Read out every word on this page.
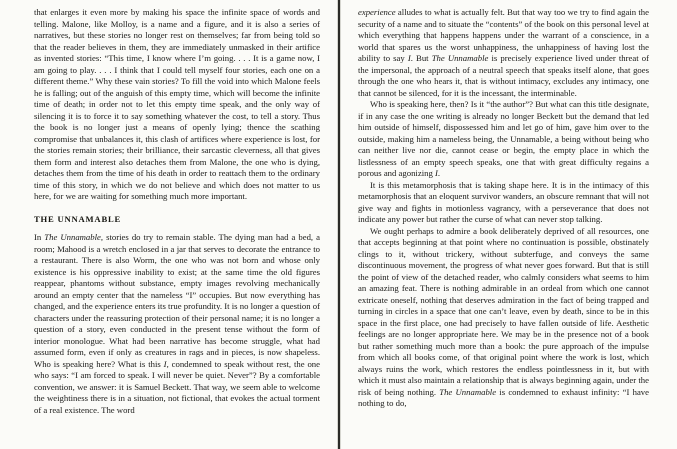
that enlarges it even more by making his space the infinite space of words and telling. Malone, like Molloy, is a name and a figure, and it is also a series of narratives, but these stories no longer rest on themselves; far from being told so that the reader believes in them, they are immediately unmasked in their artifice as invented stories: “This time, I know where I’m going. . . . It is a game now, I am going to play. . . . I think that I could tell myself four stories, each one on a different theme.” Why these vain stories? To fill the void into which Malone feels he is falling; out of the anguish of this empty time, which will become the infinite time of death; in order not to let this empty time speak, and the only way of silencing it is to force it to say something whatever the cost, to tell a story. Thus the book is no longer just a means of openly lying; thence the scathing compromise that unbalances it, this clash of artifices where experience is lost, for the stories remain stories; their brilliance, their sarcastic cleverness, all that gives them form and interest also detaches them from Malone, the one who is dying, detaches them from the time of his death in order to reattach them to the ordinary time of this story, in which we do not believe and which does not matter to us here, for we are waiting for something much more important.

THE UNNAMABLE

In The Unnamable, stories do try to remain stable. The dying man had a bed, a room; Mahood is a wretch enclosed in a jar that serves to decorate the entrance to a restaurant. There is also Worm, the one who was not born and whose only existence is his oppressive inability to exist; at the same time the old figures reappear, phantoms without substance, empty images revolving mechanically around an empty center that the nameless “I” occupies. But now everything has changed, and the experience enters its true profundity. It is no longer a question of characters under the reassuring protection of their personal name; it is no longer a question of a story, even conducted in the present tense without the form of interior monologue. What had been narrative has become struggle, what had assumed form, even if only as creatures in rags and in pieces, is now shapeless. Who is speaking here? What is this I, condemned to speak without rest, the one who says: “I am forced to speak. I will never be quiet. Never”? By a comfortable convention, we answer: it is Samuel Beckett. That way, we seem able to welcome the weightiness there is in a situation, not fictional, that evokes the actual torment of a real existence. The word

experience alludes to what is actually felt. But that way too we try to find again the security of a name and to situate the “contents” of the book on this personal level at which everything that happens happens under the warrant of a conscience, in a world that spares us the worst unhappiness, the unhappiness of having lost the ability to say I. But The Unnamable is precisely experience lived under threat of the impersonal, the approach of a neutral speech that speaks itself alone, that goes through the one who hears it, that is without intimacy, excludes any intimacy, one that cannot be silenced, for it is the incessant, the interminable.

Who is speaking here, then? Is it “the author”? But what can this title designate, if in any case the one writing is already no longer Beckett but the demand that led him outside of himself, dispossessed him and let go of him, gave him over to the outside, making him a nameless being, the Unnamable, a being without being who can neither live nor die, cannot cease or begin, the empty place in which the listlessness of an empty speech speaks, one that with great difficulty regains a porous and agonizing I.

It is this metamorphosis that is taking shape here. It is in the intimacy of this metamorphosis that an eloquent survivor wanders, an obscure remnant that will not give way and fights in motionless vagrancy, with a perseverance that does not indicate any power but rather the curse of what can never stop talking.

We ought perhaps to admire a book deliberately deprived of all resources, one that accepts beginning at that point where no continuation is possible, obstinately clings to it, without trickery, without subterfuge, and conveys the same discontinuous movement, the progress of what never goes forward. But that is still the point of view of the detached reader, who calmly considers what seems to him an amazing feat. There is nothing admirable in an ordeal from which one cannot extricate oneself, nothing that deserves admiration in the fact of being trapped and turning in circles in a space that one can’t leave, even by death, since to be in this space in the first place, one had precisely to have fallen outside of life. Aesthetic feelings are no longer appropriate here. We may be in the presence not of a book but rather something much more than a book: the pure approach of the impulse from which all books come, of that original point where the work is lost, which always ruins the work, which restores the endless pointlessness in it, but with which it must also maintain a relationship that is always beginning again, under the risk of being nothing. The Unnamable is condemned to exhaust infinity: “I have nothing to do,
